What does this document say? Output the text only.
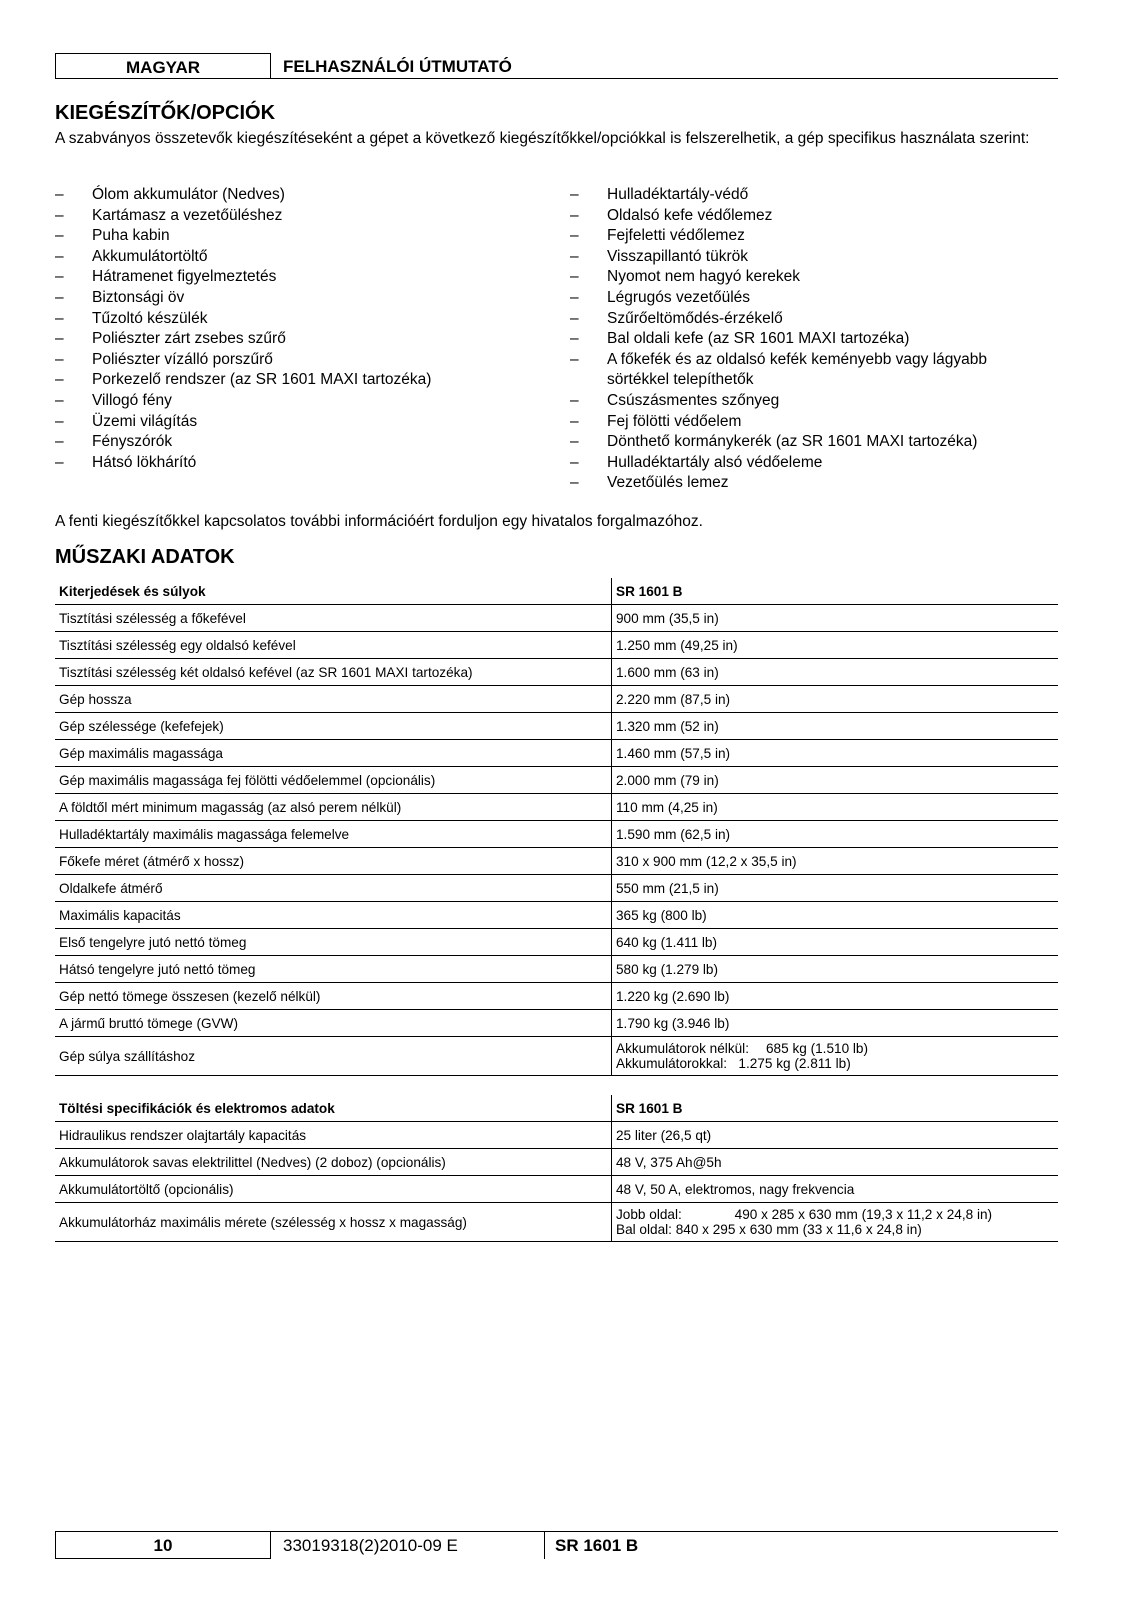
MAGYAR	FELHASZNÁLÓI ÚTMUTATÓ
KIEGÉSZÍTŐK/OPCIÓK
A szabványos összetevők kiegészítéseként a gépet a következő kiegészítőkkel/opciókkal is felszerelhetik, a gép specifikus használata szerint:
– Ólom akkumulátor (Nedves)
– Kartámasz a vezetőüléshez
– Puha kabin
– Akkumulátortöltő
– Hátramenet figyelmeztetés
– Biztonsági öv
– Tűzoltó készülék
– Poliészter zárt zsebes szűrő
– Poliészter vízálló porszűrő
– Porkezelő rendszer (az SR 1601 MAXI tartozéka)
– Villogó fény
– Üzemi világítás
– Fényszórók
– Hátsó lökhárító
– Hulladéktartály-védő
– Oldalsó kefe védőlemez
– Fejfeletti védőlemez
– Visszapillantó tükrök
– Nyomot nem hagyó kerekek
– Légrugós vezetőülés
– Szűrőeltömődés-érzékelő
– Bal oldali kefe (az SR 1601 MAXI tartozéka)
– A főkefék és az oldalsó kefék keményebb vagy lágyabb sörtékkel telepíthetők
– Csúszásmentes szőnyeg
– Fej fölötti védőelem
– Dönthető kormánykerék (az SR 1601 MAXI tartozéka)
– Hulladéktartály alsó védőeleme
– Vezetőülés lemez
A fenti kiegészítőkkel kapcsolatos további információért forduljon egy hivatalos forgalmazóhoz.
MŰSZAKI ADATOK
Kiterjedések és súlyok	SR 1601 B
Tisztítási szélesség a főkefével	900 mm (35,5 in)
Tisztítási szélesség egy oldalsó kefével	1.250 mm (49,25 in)
Tisztítási szélesség két oldalsó kefével (az SR 1601 MAXI tartozéka)	1.600 mm (63 in)
Gép hossza	2.220 mm (87,5 in)
Gép szélessége (kefefejek)	1.320 mm (52 in)
Gép maximális magassága	1.460 mm (57,5 in)
Gép maximális magassága fej fölötti védőelemmel (opcionális)	2.000 mm (79 in)
A földtől mért minimum magasság (az alsó perem nélkül)	110 mm (4,25 in)
Hulladéktartály maximális magassága felemelve	1.590 mm (62,5 in)
Főkefe méret (átmérő x hossz)	310 x 900 mm (12,2 x 35,5 in)
Oldalkefe átmérő	550 mm (21,5 in)
Maximális kapacitás	365 kg (800 lb)
Első tengelyre jutó nettó tömeg	640 kg (1.411 lb)
Hátsó tengelyre jutó nettó tömeg	580 kg (1.279 lb)
Gép nettó tömege összesen (kezelő nélkül)	1.220 kg (2.690 lb)
A jármű bruttó tömege (GVW)	1.790 kg (3.946 lb)
Gép súlya szállításhoz	Akkumulátorok nélkül: 685 kg (1.510 lb)
Akkumulátorokkal: 1.275 kg (2.811 lb)
Töltési specifikációk és elektromos adatok	SR 1601 B
Hidraulikus rendszer olajtartály kapacitás	25 liter (26,5 qt)
Akkumulátorok savas elektrilittel (Nedves) (2 doboz) (opcionális)	48 V, 375 Ah@5h
Akkumulátortöltő (opcionális)	48 V, 50 A, elektromos, nagy frekvencia
Akkumulátorház maximális mérete (szélesség x hossz x magasság)	Jobb oldal: 490 x 285 x 630 mm (19,3 x 11,2 x 24,8 in)
Bal oldal: 840 x 295 x 630 mm (33 x 11,6 x 24,8 in)
10	33019318(2)2010-09 E	SR 1601 B
